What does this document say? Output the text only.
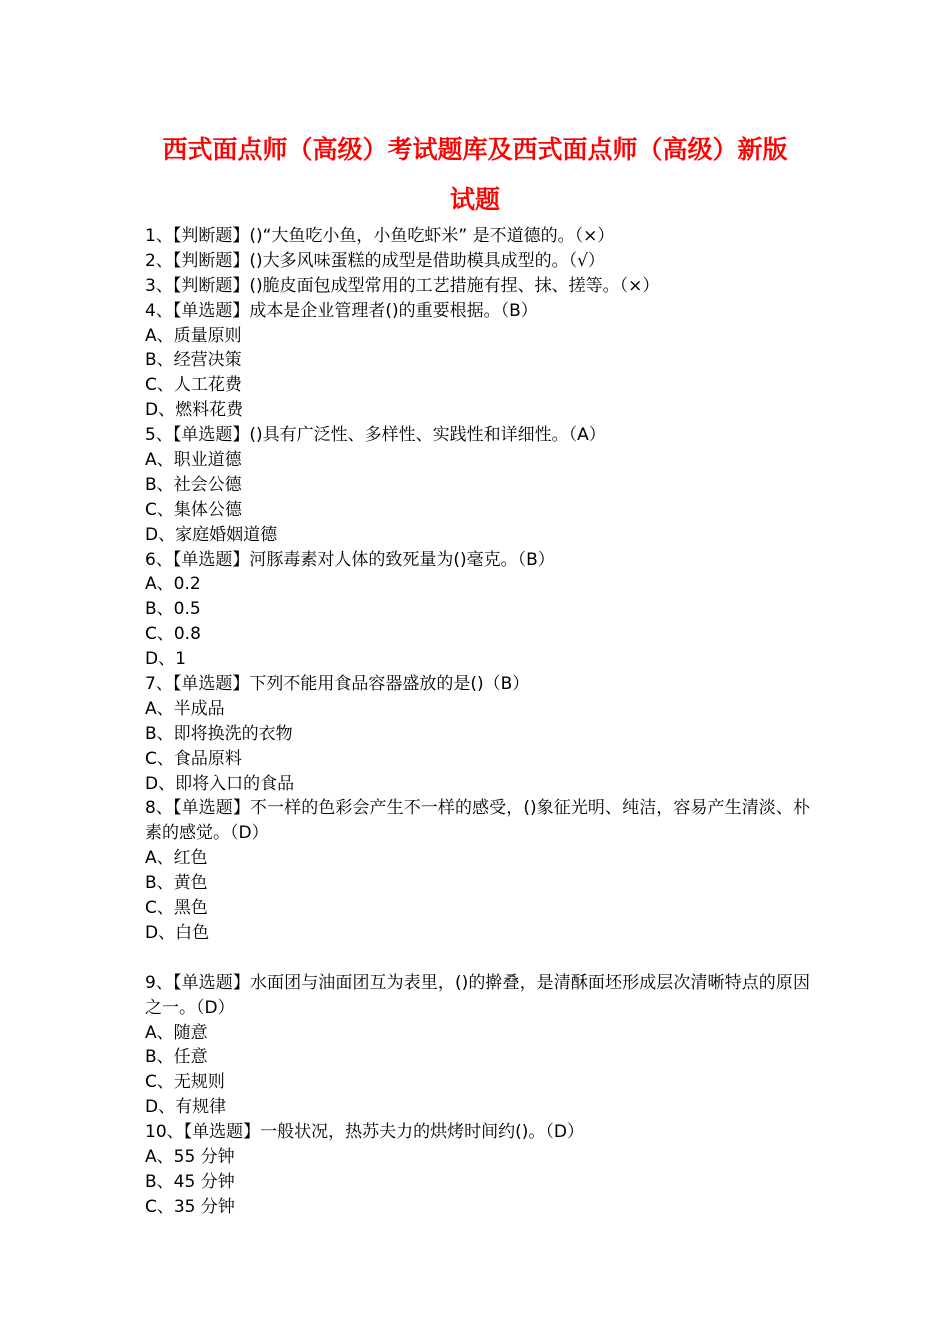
西式面点师（高级）考试题库及西式面点师（高级）新版
试题
1、【判断题】()“大鱼吃小鱼，小鱼吃虾米” 是不道德的。（×）
2、【判断题】()大多风味蛋糕的成型是借助模具成型的。（√）
3、【判断题】()脆皮面包成型常用的工艺措施有捏、抹、搓等。（×）
4、【单选题】成本是企业管理者()的重要根据。（B）
A、质量原则
B、经营决策
C、人工花费
D、燃料花费
5、【单选题】()具有广泛性、多样性、实践性和详细性。（A）
A、职业道德
B、社会公德
C、集体公德
D、家庭婚姻道德
6、【单选题】河豚毒素对人体的致死量为()毫克。（B）
A、0.2
B、0.5
C、0.8
D、1
7、【单选题】下列不能用食品容器盛放的是()（B）
A、半成品
B、即将换洗的衣物
C、食品原料
D、即将入口的食品
8、【单选题】不一样的色彩会产生不一样的感受，()象征光明、纯洁，容易产生清淡、朴素的感觉。（D）
A、红色
B、黄色
C、黑色
D、白色
9、【单选题】水面团与油面团互为表里，()的擀叠，是清酥面坯形成层次清晰特点的原因之一。（D）
A、随意
B、任意
C、无规则
D、有规律
10、【单选题】一般状况，热苏夫力的烘烤时间约()。（D）
A、55 分钟
B、45 分钟
C、35 分钟
